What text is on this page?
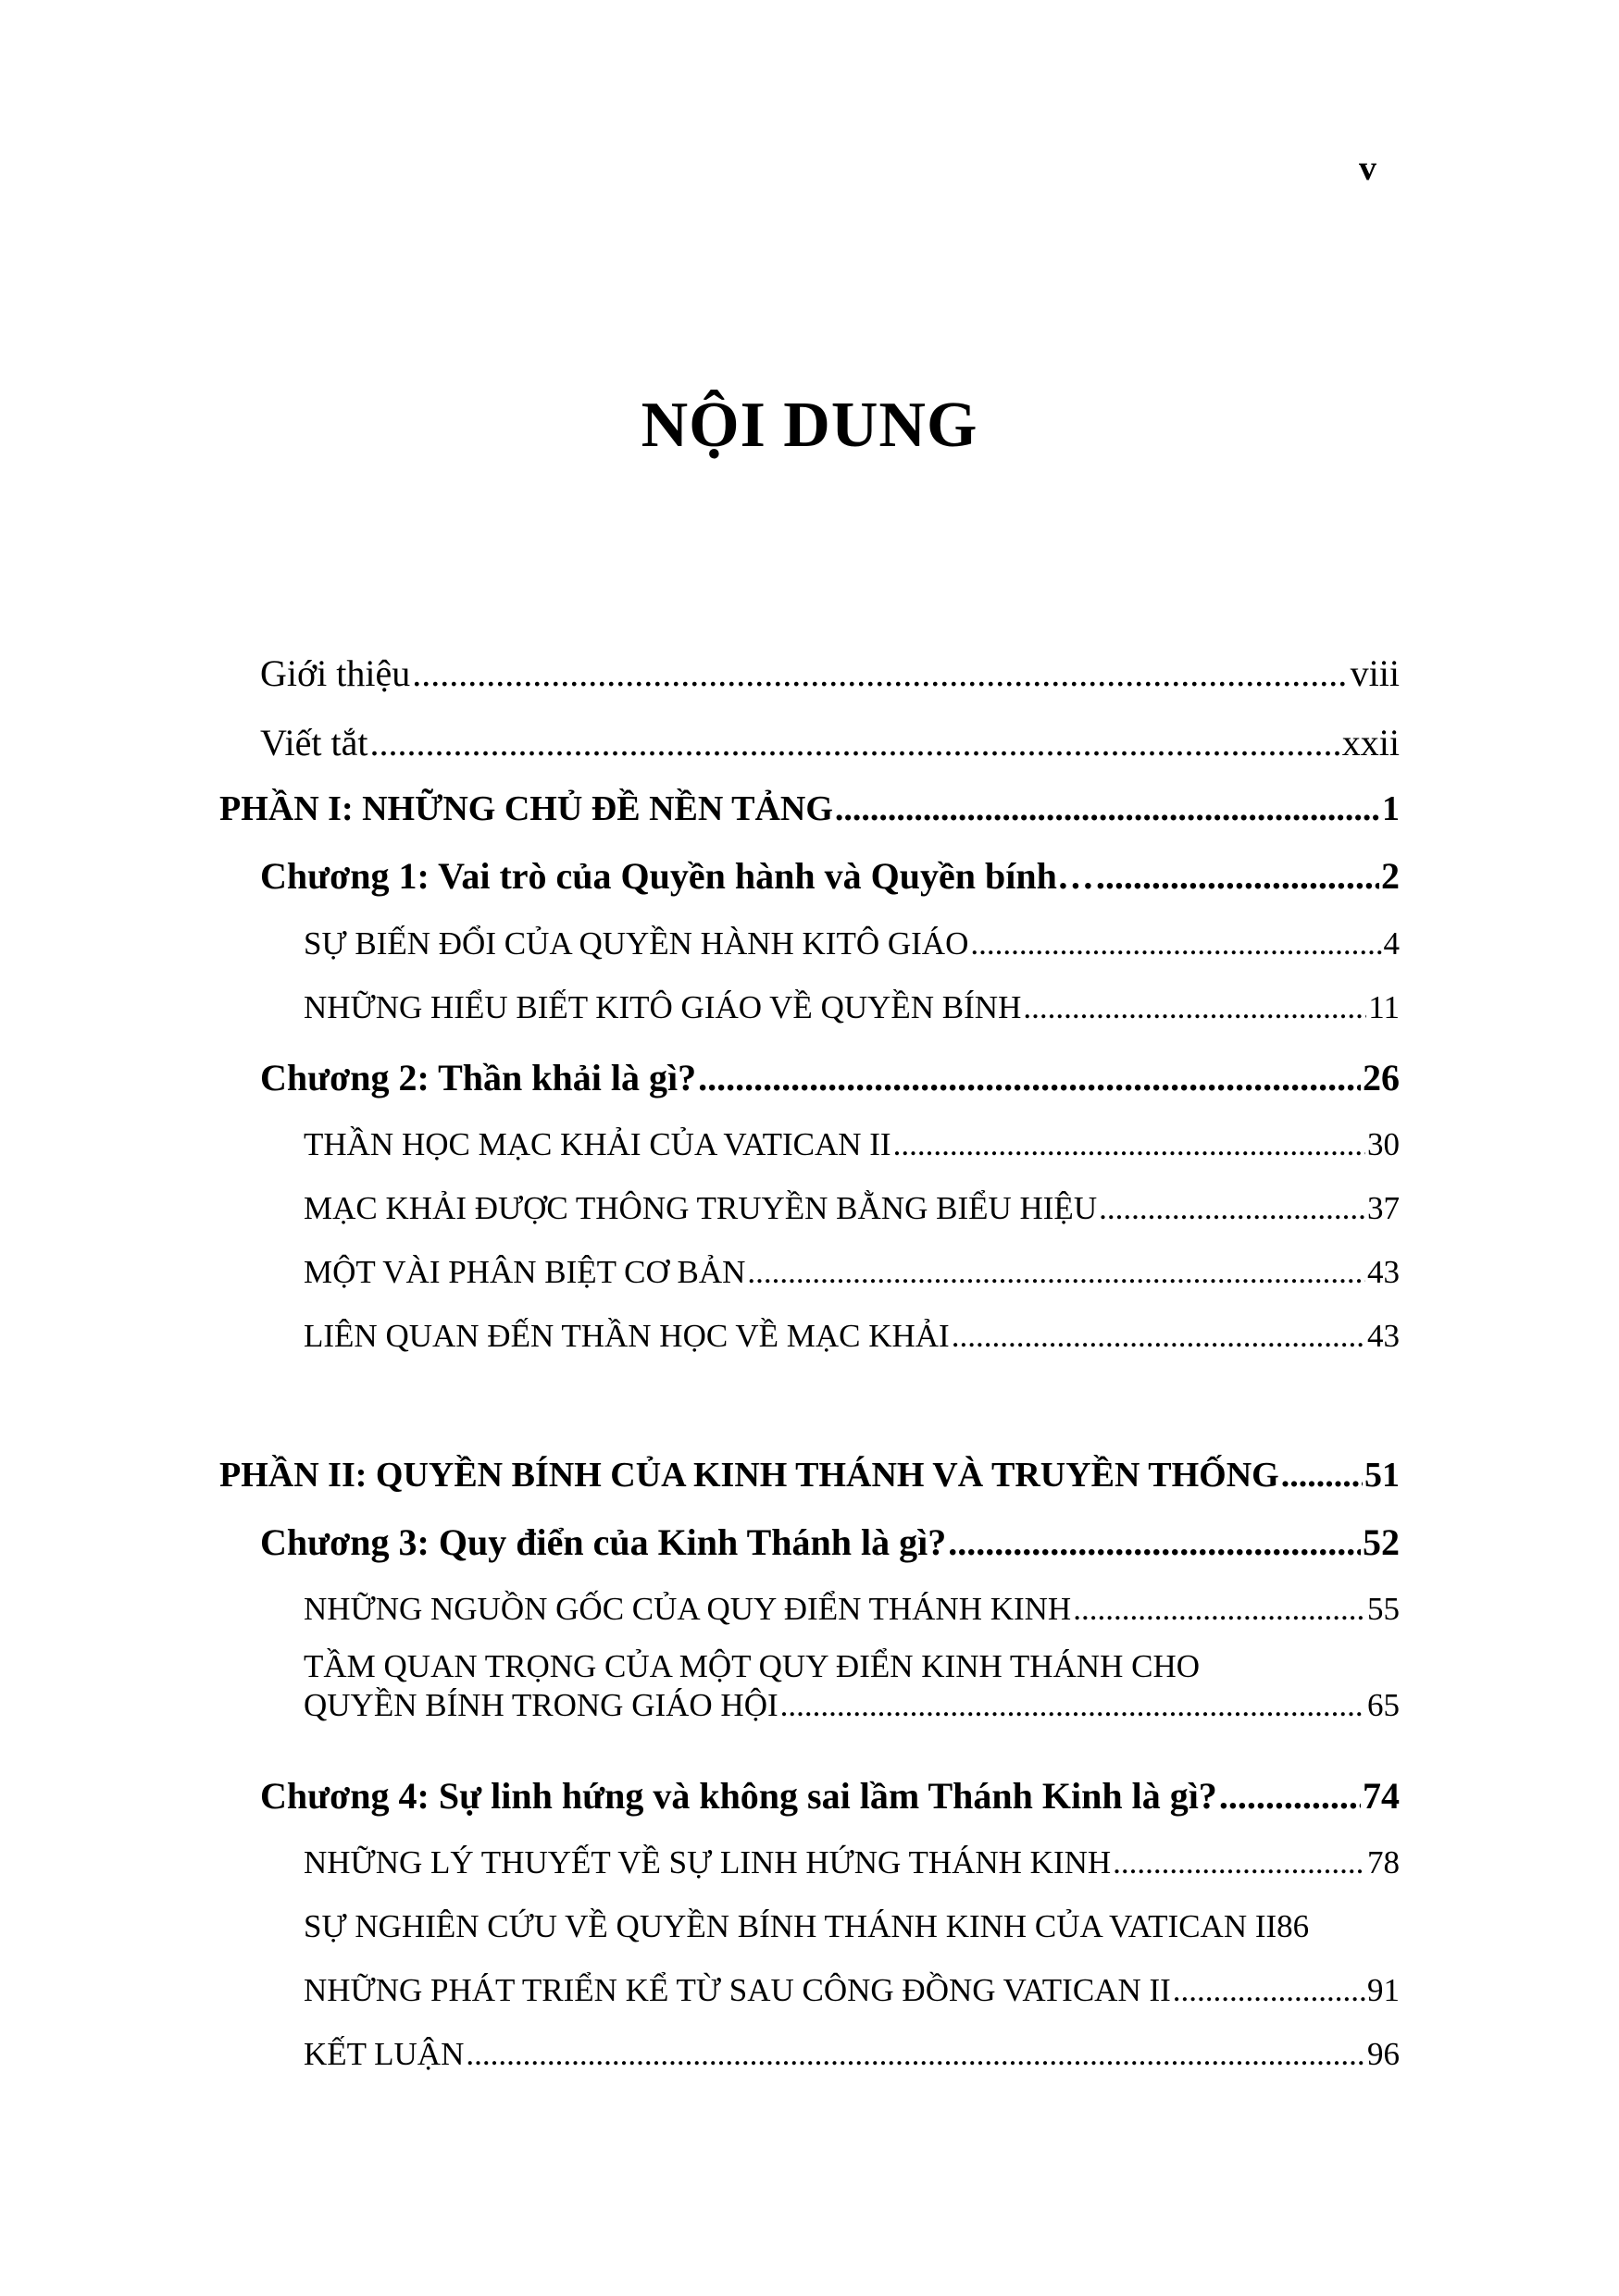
v
NỘI DUNG
Giới thiệu .....	viii
Viết tắt .....	xxii
PHẦN I: NHỮNG CHỦ ĐỀ NỀN TẢNG .....	1
Chương 1: Vai trò của Quyền hành và Quyền bính… .....	2
SỰ BIẾN ĐỔI CỦA QUYỀN HÀNH KITÔ GIÁO .....	4
NHỮNG HIỂU BIẾT KITÔ GIÁO VỀ QUYỀN BÍNH .....	11
Chương 2: Thần khải là gì? .....	26
THẦN HỌC MẠC KHẢI CỦA VATICAN II .....	30
MẠC KHẢI ĐƯỢC THÔNG TRUYỀN BẰNG BIỂU HIỆU .....	37
MỘT VÀI PHÂN BIỆT CƠ BẢN .....	43
LIÊN QUAN ĐẾN THẦN HỌC VỀ MẠC KHẢI .....	43
PHẦN II: QUYỀN BÍNH CỦA KINH THÁNH VÀ TRUYỀN THỐNG ..... 51
Chương 3: Quy điển của Kinh Thánh là gì? .....	52
NHỮNG NGUỒN GỐC CỦA QUY ĐIỂN THÁNH KINH .....	55
TẦM QUAN TRỌNG CỦA MỘT QUY ĐIỂN KINH THÁNH CHO
QUYỀN BÍNH TRONG GIÁO HỘI .....	65
Chương 4: Sự linh hứng và không sai lầm Thánh Kinh là gì? .....	74
NHỮNG LÝ THUYẾT VỀ SỰ LINH HỨNG THÁNH KINH .....	78
SỰ NGHIÊN CỨU VỀ QUYỀN BÍNH THÁNH KINH CỦA VATICAN II 86
NHỮNG PHÁT TRIỂN KỂ TỪ SAU CÔNG ĐỒNG VATICAN II .....	91
KẾT LUẬN .....	96
